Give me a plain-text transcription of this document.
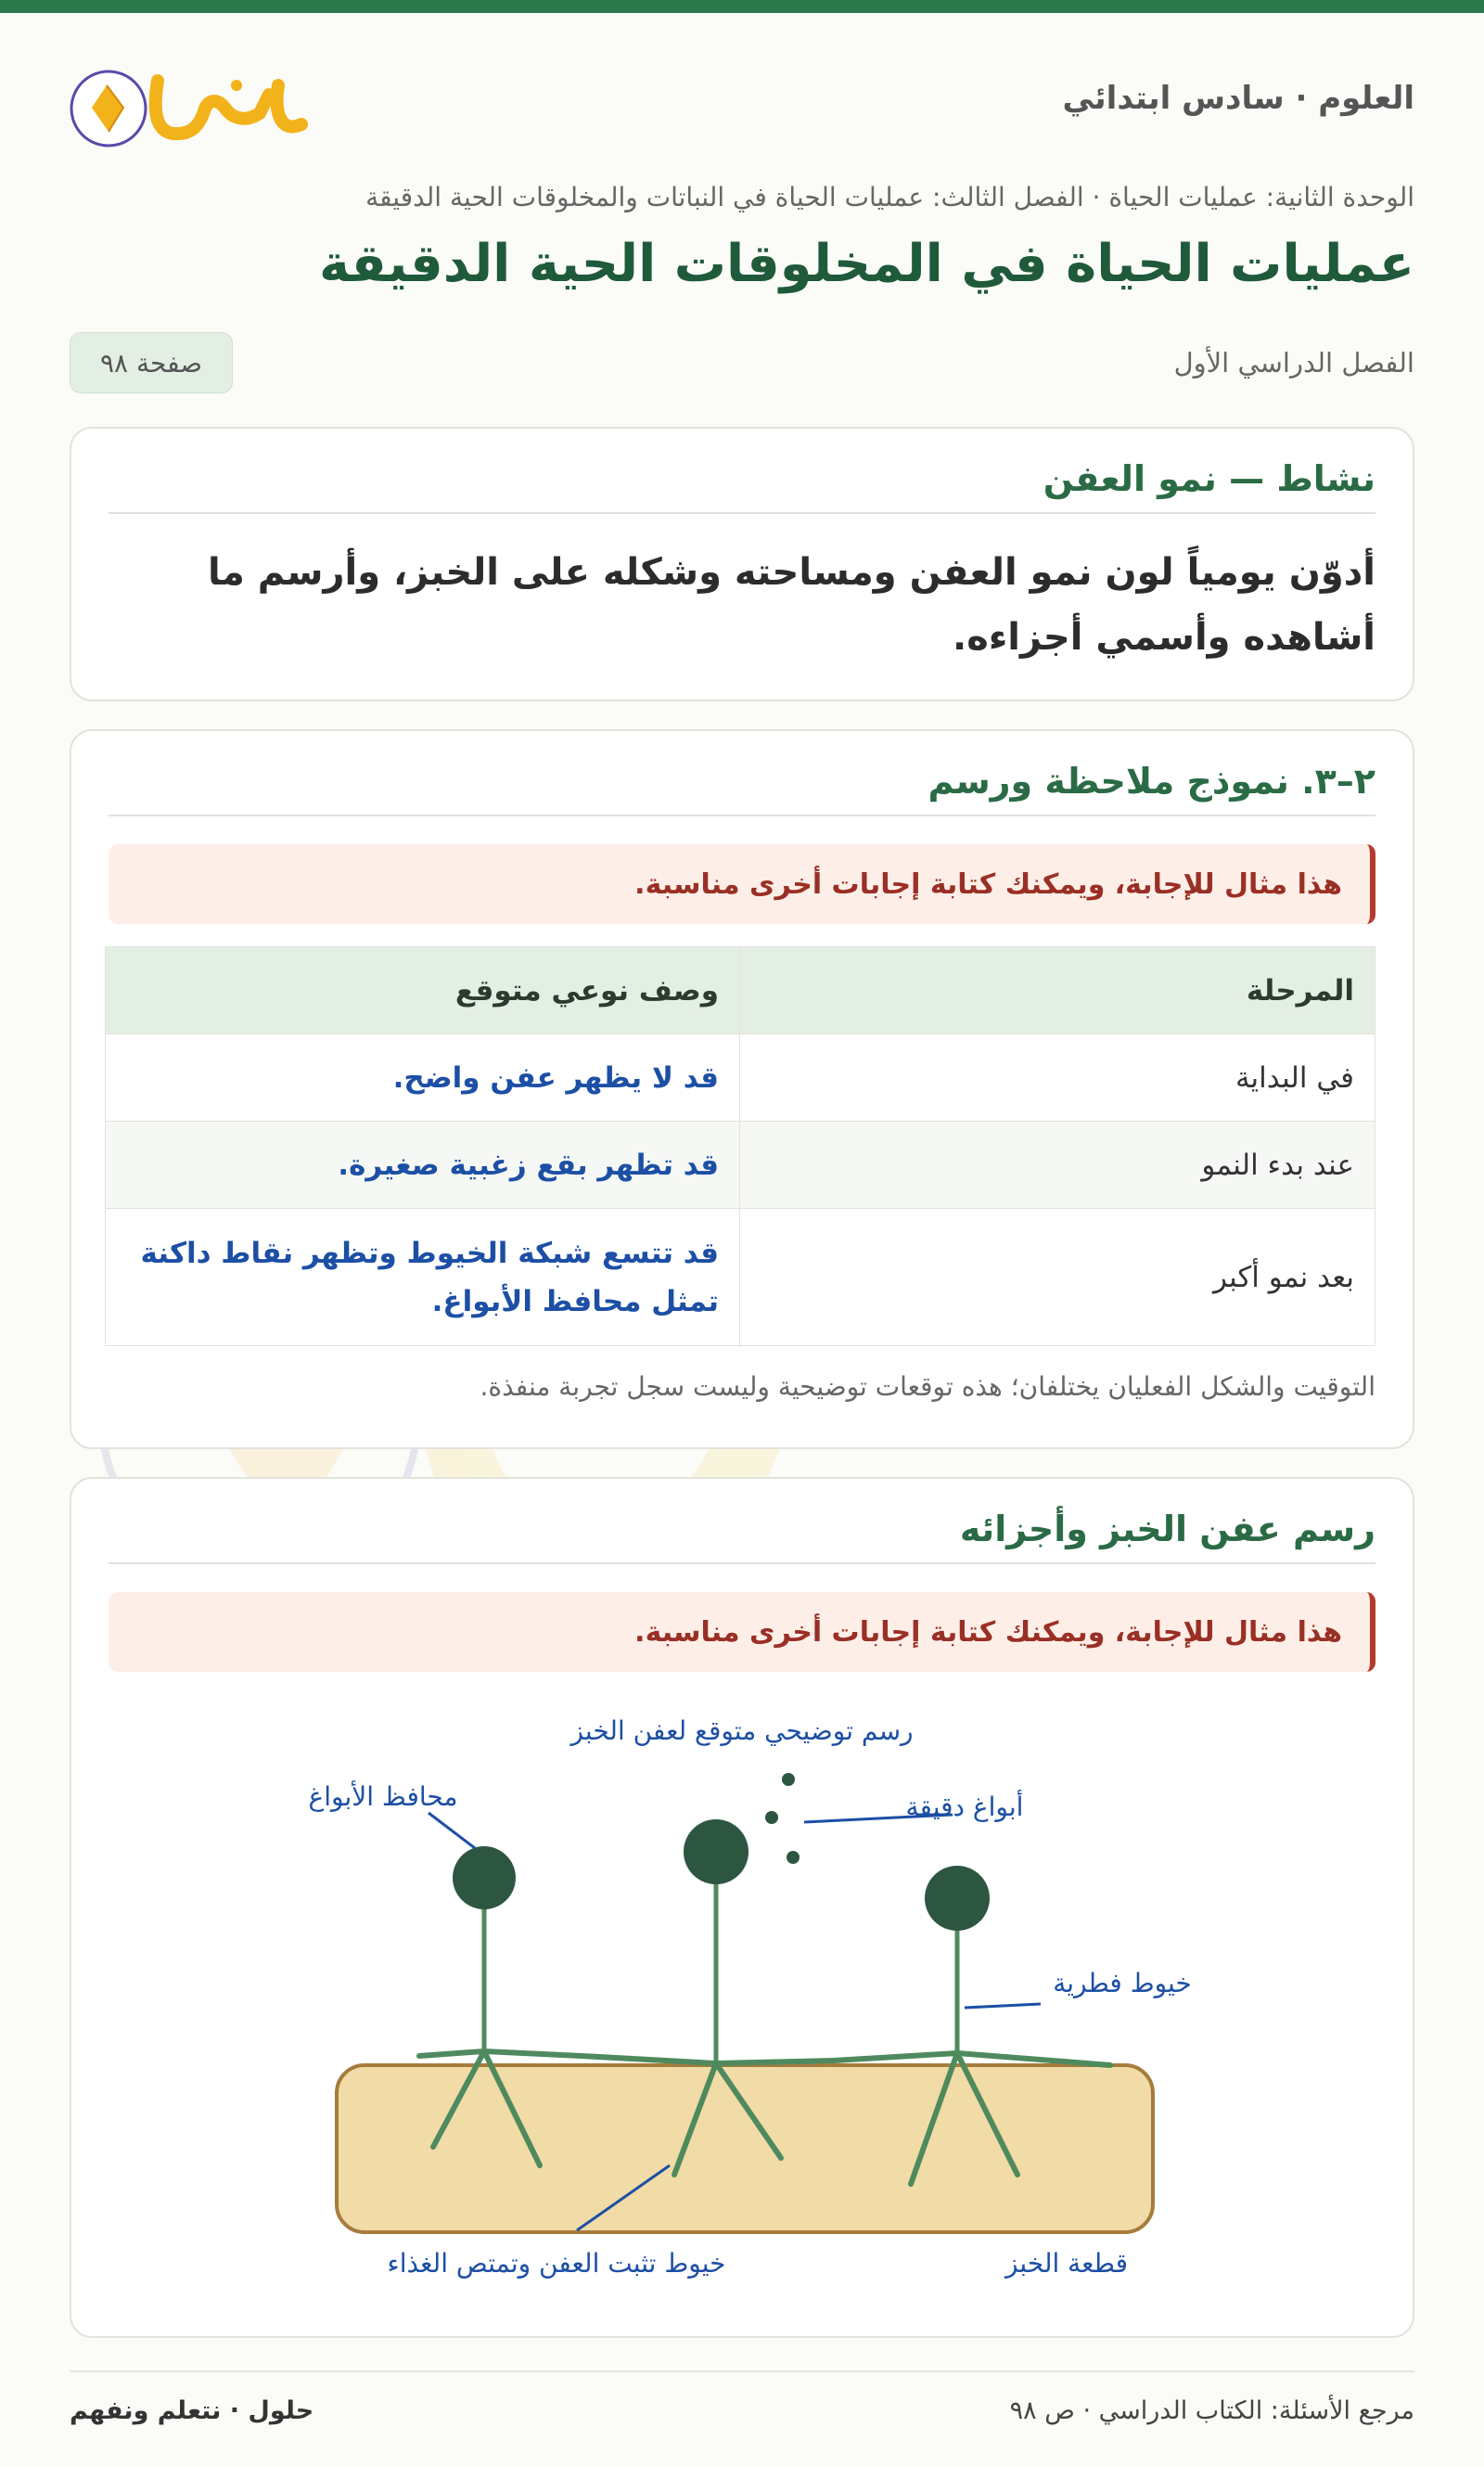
العلوم · سادس ابتدائي
حلول
الوحدة الثانية: عمليات الحياة · الفصل الثالث: عمليات الحياة في النباتات والمخلوقات الحية الدقيقة
عمليات الحياة في المخلوقات الحية الدقيقة
الفصل الدراسي الأول
صفحة ٩٨
نشاط — نمو العفن
أدوّن يومياً لون نمو العفن ومساحته وشكله على الخبز، وأرسم ما أشاهده وأسمي أجزاءه.
٢–٣. نموذج ملاحظة ورسم
هذا مثال للإجابة، ويمكنك كتابة إجابات أخرى مناسبة.
المرحلة	وصف نوعي متوقع
في البداية	قد لا يظهر عفن واضح.
عند بدء النمو	قد تظهر بقع زغبية صغيرة.
بعد نمو أكبر	قد تتسع شبكة الخيوط وتظهر نقاط داكنة تمثل محافظ الأبواغ.
التوقيت والشكل الفعليان يختلفان؛ هذه توقعات توضيحية وليست سجل تجربة منفذة.
رسم عفن الخبز وأجزائه
هذا مثال للإجابة، ويمكنك كتابة إجابات أخرى مناسبة.
رسم توضيحي متوقع لعفن الخبز
محافظ الأبواغ	أبواغ دقيقة
خيوط فطرية
خيوط تثبت العفن وتمتص الغذاء	قطعة الخبز
حلول · نتعلم ونفهم	مرجع الأسئلة: الكتاب الدراسي · ص ٩٨
